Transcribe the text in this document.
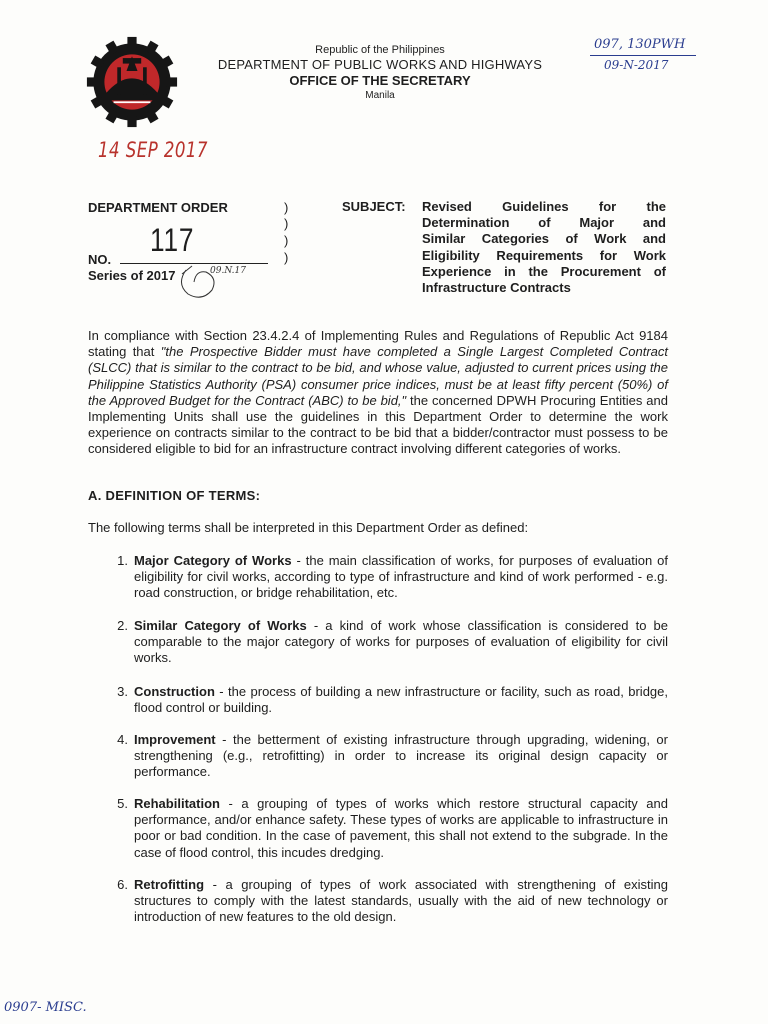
Republic of the Philippines
DEPARTMENT OF PUBLIC WORKS AND HIGHWAYS
OFFICE OF THE SECRETARY
Manila
097, 130PWH
09-N-2017
14 SEP 2017
DEPARTMENT ORDER	)
)
)
)
117
NO.
Series of 2017	09.N.17
SUBJECT: Revised Guidelines for the
Determination of Major and
Similar Categories of Work and
Eligibility Requirements for Work
Experience in the Procurement of
Infrastructure Contracts
In compliance with Section 23.4.2.4 of Implementing Rules and Regulations of Republic Act 9184 stating that "the Prospective Bidder must have completed a Single Largest Completed Contract (SLCC) that is similar to the contract to be bid, and whose value, adjusted to current prices using the Philippine Statistics Authority (PSA) consumer price indices, must be at least fifty percent (50%) of the Approved Budget for the Contract (ABC) to be bid," the concerned DPWH Procuring Entities and Implementing Units shall use the guidelines in this Department Order to determine the work experience on contracts similar to the contract to be bid that a bidder/contractor must possess to be considered eligible to bid for an infrastructure contract involving different categories of works.
A. DEFINITION OF TERMS:
The following terms shall be interpreted in this Department Order as defined:
1. Major Category of Works - the main classification of works, for purposes of evaluation of eligibility for civil works, according to type of infrastructure and kind of work performed - e.g. road construction, or bridge rehabilitation, etc.
2. Similar Category of Works - a kind of work whose classification is considered to be comparable to the major category of works for purposes of evaluation of eligibility for civil works.
3. Construction - the process of building a new infrastructure or facility, such as road, bridge, flood control or building.
4. Improvement - the betterment of existing infrastructure through upgrading, widening, or strengthening (e.g., retrofitting) in order to increase its original design capacity or performance.
5. Rehabilitation - a grouping of types of works which restore structural capacity and performance, and/or enhance safety. These types of works are applicable to infrastructure in poor or bad condition. In the case of pavement, this shall not extend to the subgrade. In the case of flood control, this incudes dredging.
6. Retrofitting - a grouping of types of work associated with strengthening of existing structures to comply with the latest standards, usually with the aid of new technology or introduction of new features to the old design.
0907- MISC.
